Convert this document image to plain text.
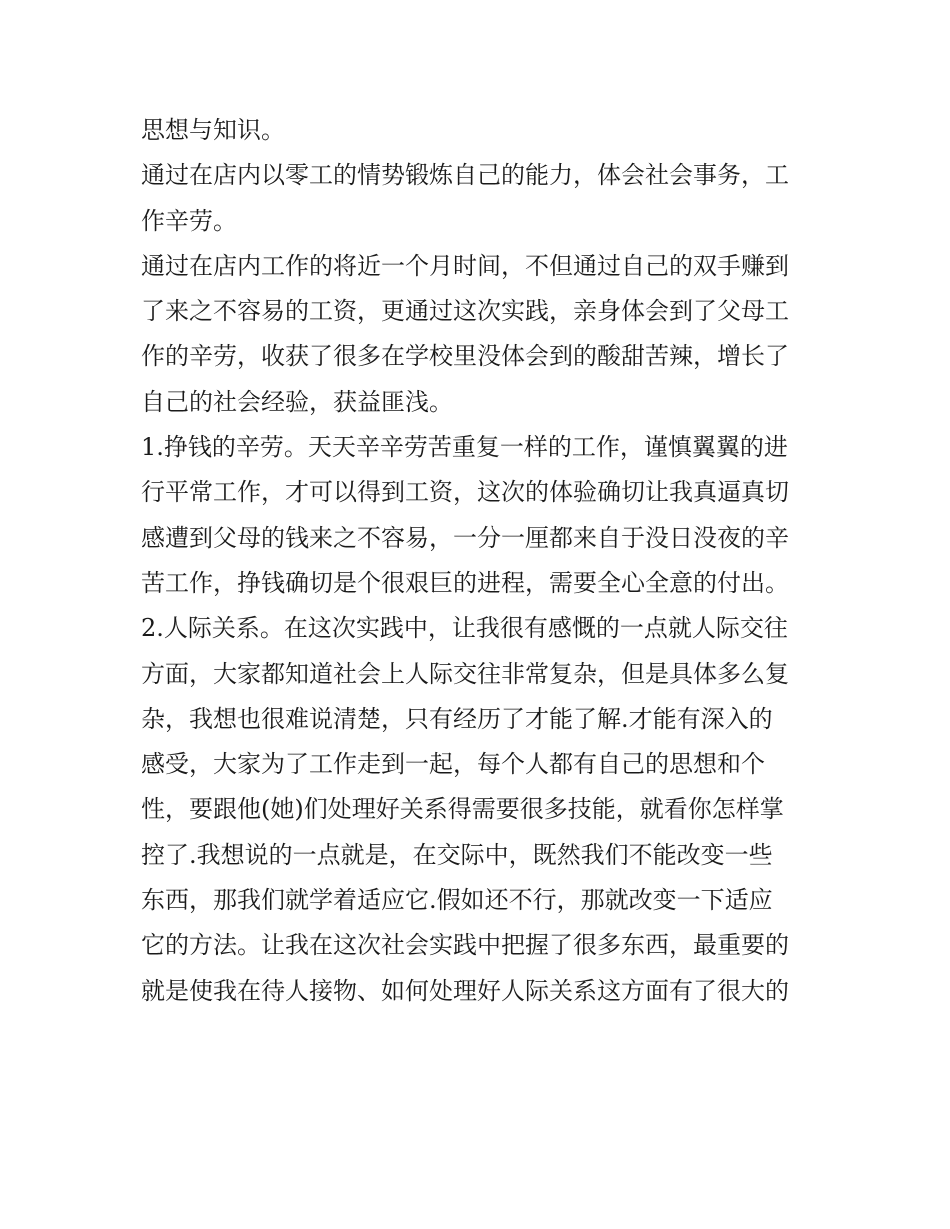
思想与知识。
通过在店内以零工的情势锻炼自己的能力，体会社会事务，工
作辛劳。
通过在店内工作的将近一个月时间，不但通过自己的双手赚到
了来之不容易的工资，更通过这次实践，亲身体会到了父母工
作的辛劳，收获了很多在学校里没体会到的酸甜苦辣，增长了
自己的社会经验，获益匪浅。
1.挣钱的辛劳。天天辛辛劳苦重复一样的工作，谨慎翼翼的进
行平常工作，才可以得到工资，这次的体验确切让我真逼真切
感遭到父母的钱来之不容易，一分一厘都来自于没日没夜的辛
苦工作，挣钱确切是个很艰巨的进程，需要全心全意的付出。
2.人际关系。在这次实践中，让我很有感慨的一点就人际交往
方面，大家都知道社会上人际交往非常复杂，但是具体多么复
杂，我想也很难说清楚，只有经历了才能了解.才能有深入的
感受，大家为了工作走到一起，每个人都有自己的思想和个
性，要跟他(她)们处理好关系得需要很多技能，就看你怎样掌
控了.我想说的一点就是，在交际中，既然我们不能改变一些
东西，那我们就学着适应它.假如还不行，那就改变一下适应
它的方法。让我在这次社会实践中把握了很多东西，最重要的
就是使我在待人接物、如何处理好人际关系这方面有了很大的
